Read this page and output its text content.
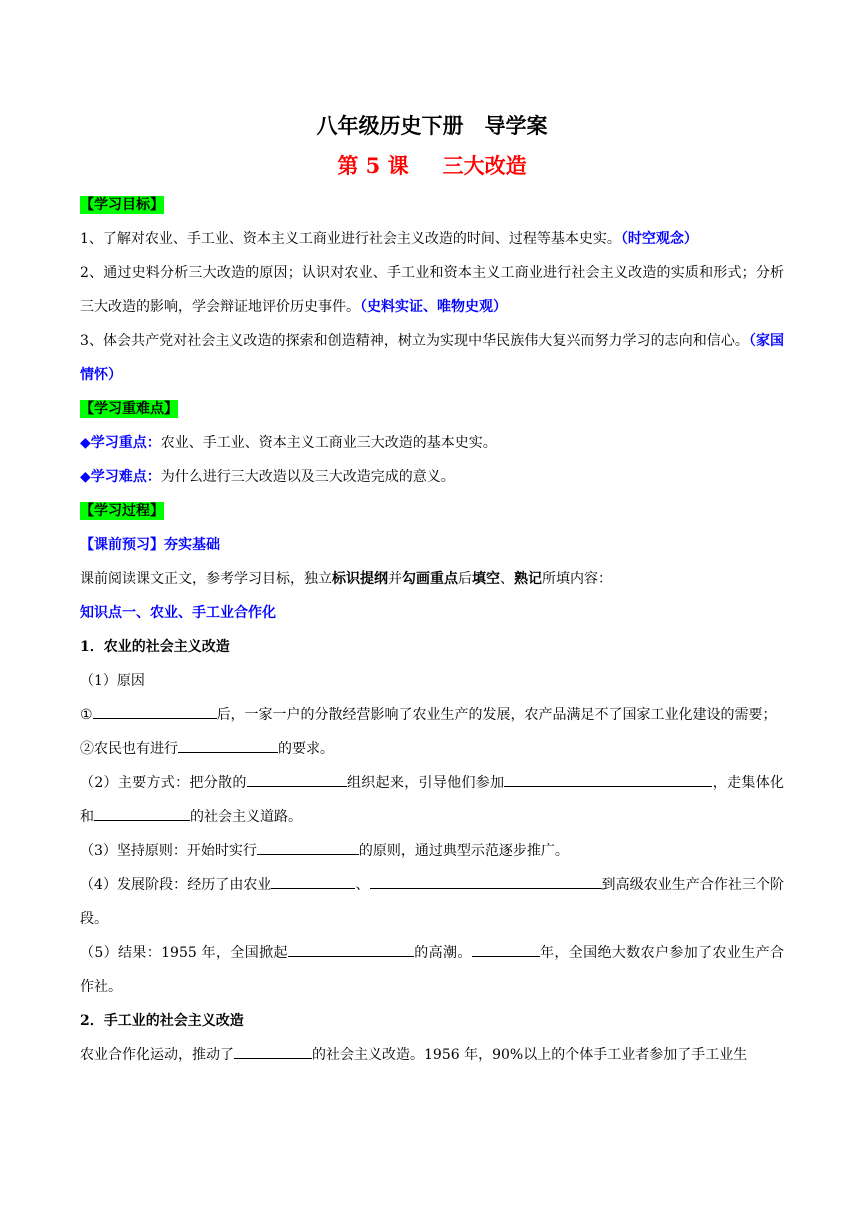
八年级历史下册　导学案
第 5 课 三大改造
【学习目标】
1、了解对农业、手工业、资本主义工商业进行社会主义改造的时间、过程等基本史实。（时空观念）
2、通过史料分析三大改造的原因；认识对农业、手工业和资本主义工商业进行社会主义改造的实质和形式；分析三大改造的影响，学会辩证地评价历史事件。（史料实证、唯物史观）
3、体会共产党对社会主义改造的探索和创造精神，树立为实现中华民族伟大复兴而努力学习的志向和信心。（家国情怀）
【学习重难点】
◆学习重点：农业、手工业、资本主义工商业三大改造的基本史实。
◆学习难点：为什么进行三大改造以及三大改造完成的意义。
【学习过程】
【课前预习】夯实基础
课前阅读课文正文，参考学习目标，独立标识提纲并勾画重点后填空、熟记所填内容：
知识点一、农业、手工业合作化
1．农业的社会主义改造
（1）原因
①	后，一家一户的分散经营影响了农业生产的发展，农产品满足不了国家工业化建设的需要；
②农民也有进行	的要求。
（2）主要方式：把分散的	组织起来，引导他们参加	，走集体化和	的社会主义道路。
（3）坚持原则：开始时实行	的原则，通过典型示范逐步推广。
（4）发展阶段：经历了由农业	、	到高级农业生产合作社三个阶段。
（5）结果：1955 年，全国掀起	的高潮。	年，全国绝大数农户参加了农业生产合作社。
2．手工业的社会主义改造
农业合作化运动，推动了	的社会主义改造。1956 年，90%以上的个体手工业者参加了手工业生
